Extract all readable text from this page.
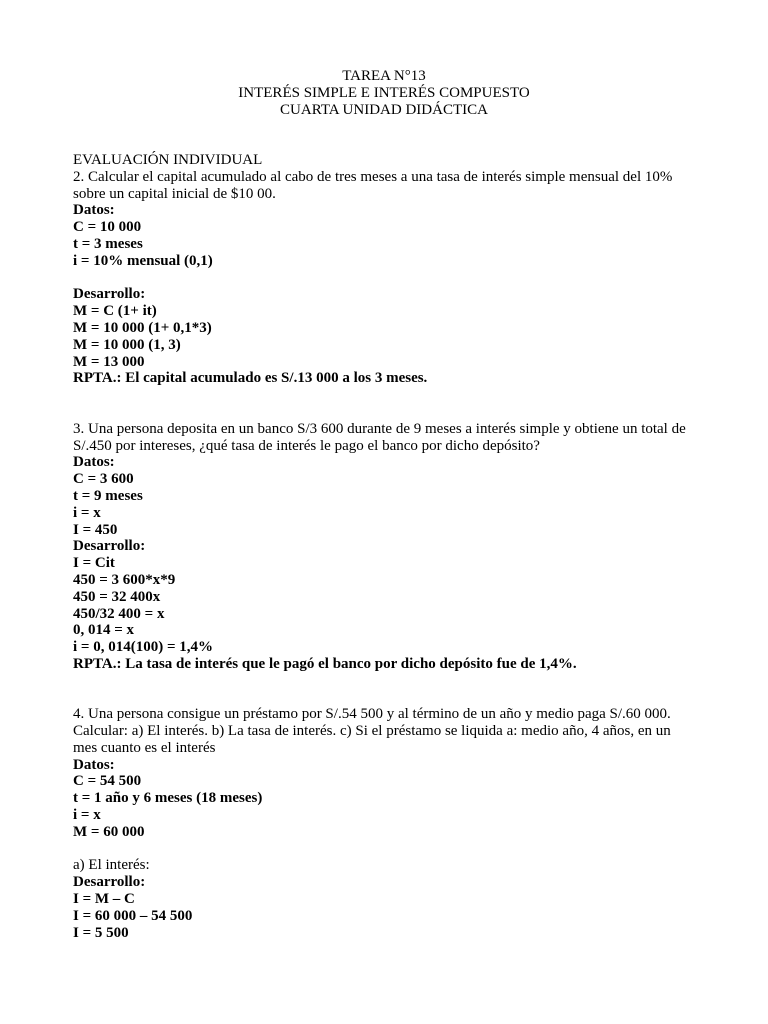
TAREA N°13
INTERÉS SIMPLE E INTERÉS COMPUESTO
CUARTA UNIDAD DIDÁCTICA
EVALUACIÓN INDIVIDUAL
2. Calcular el capital acumulado al cabo de tres meses a una tasa de interés simple mensual del 10% sobre un capital inicial de $10 00.
Datos:
C = 10 000
t = 3 meses
i = 10% mensual (0,1)
Desarrollo:
M = C (1+ it)
M = 10 000 (1+ 0,1*3)
M = 10 000 (1, 3)
M = 13 000
RPTA.: El capital acumulado es S/.13 000 a los 3 meses.
3. Una persona deposita en un banco S/3 600 durante de 9 meses a interés simple y obtiene un total de S/.450 por intereses, ¿qué tasa de interés le pago el banco por dicho depósito?
Datos:
C = 3 600
t = 9 meses
i = x
I = 450
Desarrollo:
I = Cit
450 = 3 600*x*9
450 = 32 400x
450/32 400 = x
0, 014 = x
i = 0, 014(100) = 1,4%
RPTA.: La tasa de interés que le pagó el banco por dicho depósito fue de 1,4%.
4. Una persona consigue un préstamo por S/.54 500 y al término de un año y medio paga S/.60 000. Calcular: a) El interés. b) La tasa de interés. c) Si el préstamo se liquida a: medio año, 4 años, en un mes cuanto es el interés
Datos:
C = 54 500
t = 1 año y 6 meses (18 meses)
i = x
M = 60 000
a) El interés:
Desarrollo:
I = M – C
I = 60 000 – 54 500
I = 5 500
